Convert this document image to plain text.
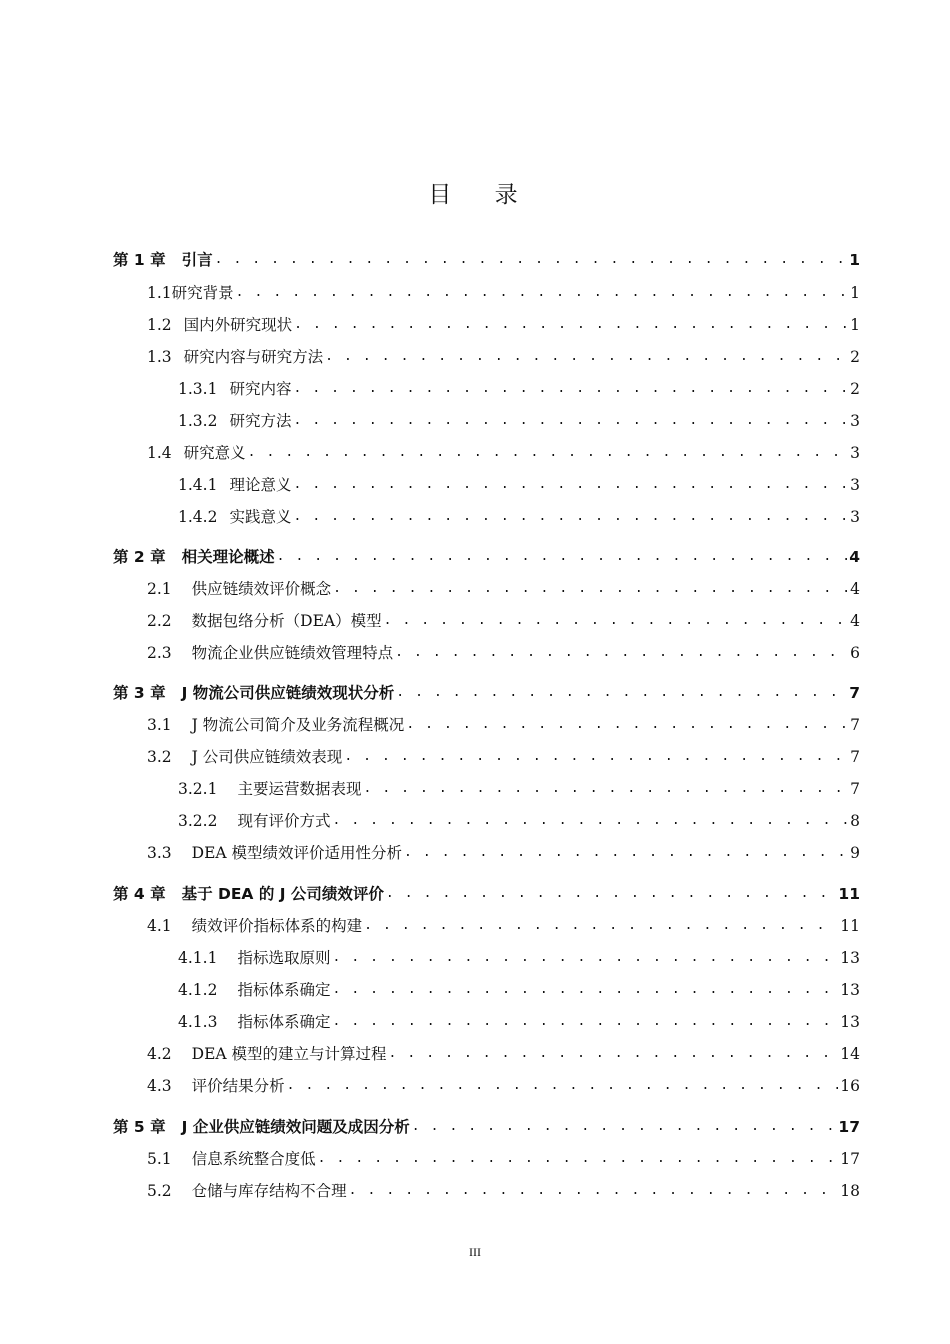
目 录
第 1 章 引言 . . .	1
1.1 研究背景 . . .	1
1.2 国内外研究现状 . . .	1
1.3 研究内容与研究方法 . . .	2
1.3.1 研究内容 . . .	2
1.3.2 研究方法 . . .	3
1.4 研究意义 . . .	3
1.4.1 理论意义 . . .	3
1.4.2 实践意义 . . .	3
第 2 章 相关理论概述 . . .	4
2.1 供应链绩效评价概念 . . .	4
2.2 数据包络分析（DEA）模型 . . .	4
2.3 物流企业供应链绩效管理特点 . . .	6
第 3 章 J 物流公司供应链绩效现状分析 . . .	7
3.1 J 物流公司简介及业务流程概况 . . .	7
3.2 J 公司供应链绩效表现 . . .	7
3.2.1 主要运营数据表现 . . .	7
3.2.2 现有评价方式 . . .	8
3.3 DEA 模型绩效评价适用性分析 . . .	9
第 4 章 基于 DEA 的 J 公司绩效评价 . . .	11
4.1 绩效评价指标体系的构建 . . .	11
4.1.1 指标选取原则 . . .	13
4.1.2 指标体系确定 . . .	13
4.1.3 指标体系确定 . . .	13
4.2 DEA 模型的建立与计算过程 . . .	14
4.3 评价结果分析 . . .	16
第 5 章 J 企业供应链绩效问题及成因分析 . . .	17
5.1 信息系统整合度低 . . .	17
5.2 仓储与库存结构不合理 . . .	18
III
